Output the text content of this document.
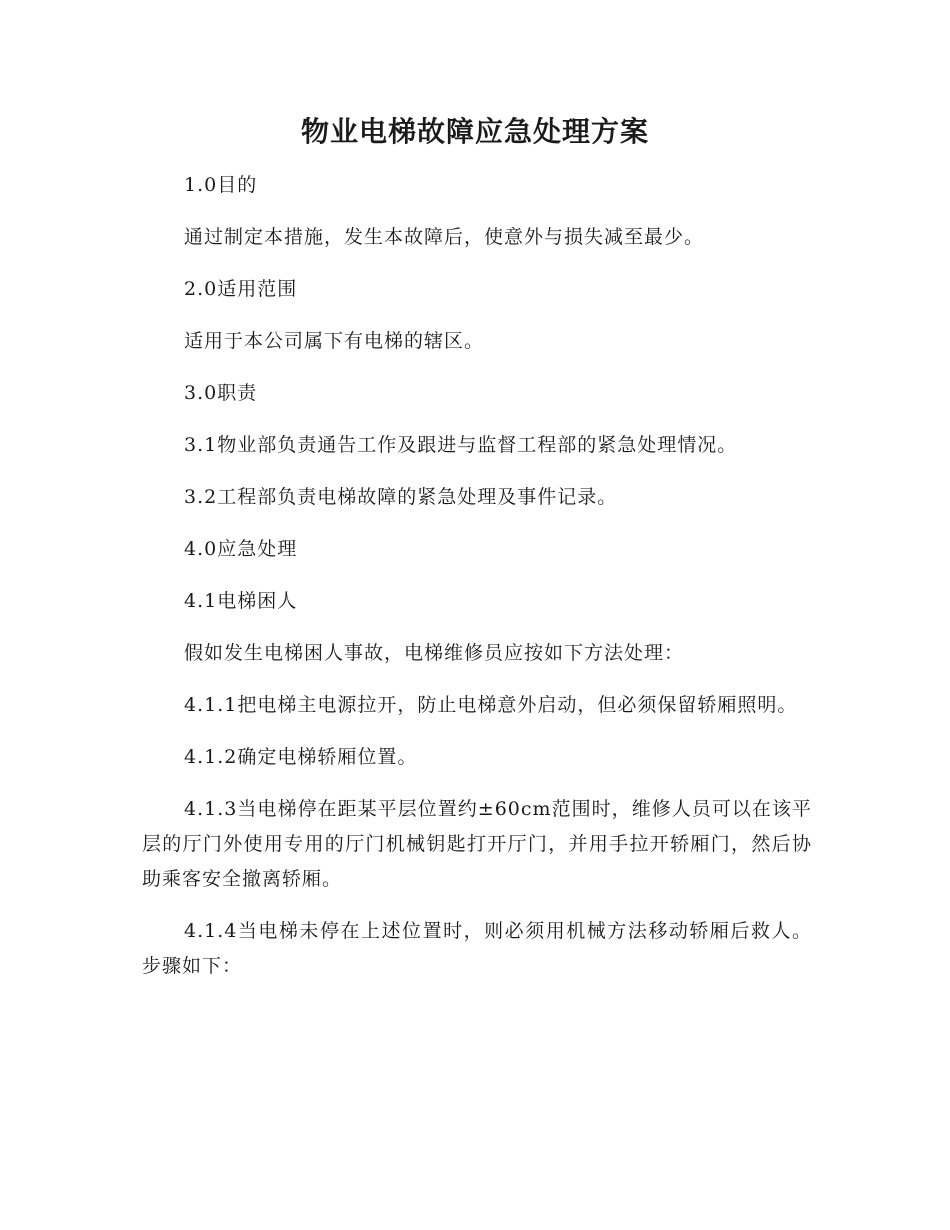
物业电梯故障应急处理方案

1.0目的

通过制定本措施，发生本故障后，使意外与损失减至最少。

2.0适用范围

适用于本公司属下有电梯的辖区。

3.0职责

3.1物业部负责通告工作及跟进与监督工程部的紧急处理情况。

3.2工程部负责电梯故障的紧急处理及事件记录。

4.0应急处理

4.1电梯困人

假如发生电梯困人事故，电梯维修员应按如下方法处理：

4.1.1把电梯主电源拉开，防止电梯意外启动，但必须保留轿厢照明。

4.1.2确定电梯轿厢位置。

4.1.3当电梯停在距某平层位置约±60cm范围时，维修人员可以在该平层的厅门外使用专用的厅门机械钥匙打开厅门，并用手拉开轿厢门，然后协助乘客安全撤离轿厢。

4.1.4当电梯未停在上述位置时，则必须用机械方法移动轿厢后救人。步骤如下：
